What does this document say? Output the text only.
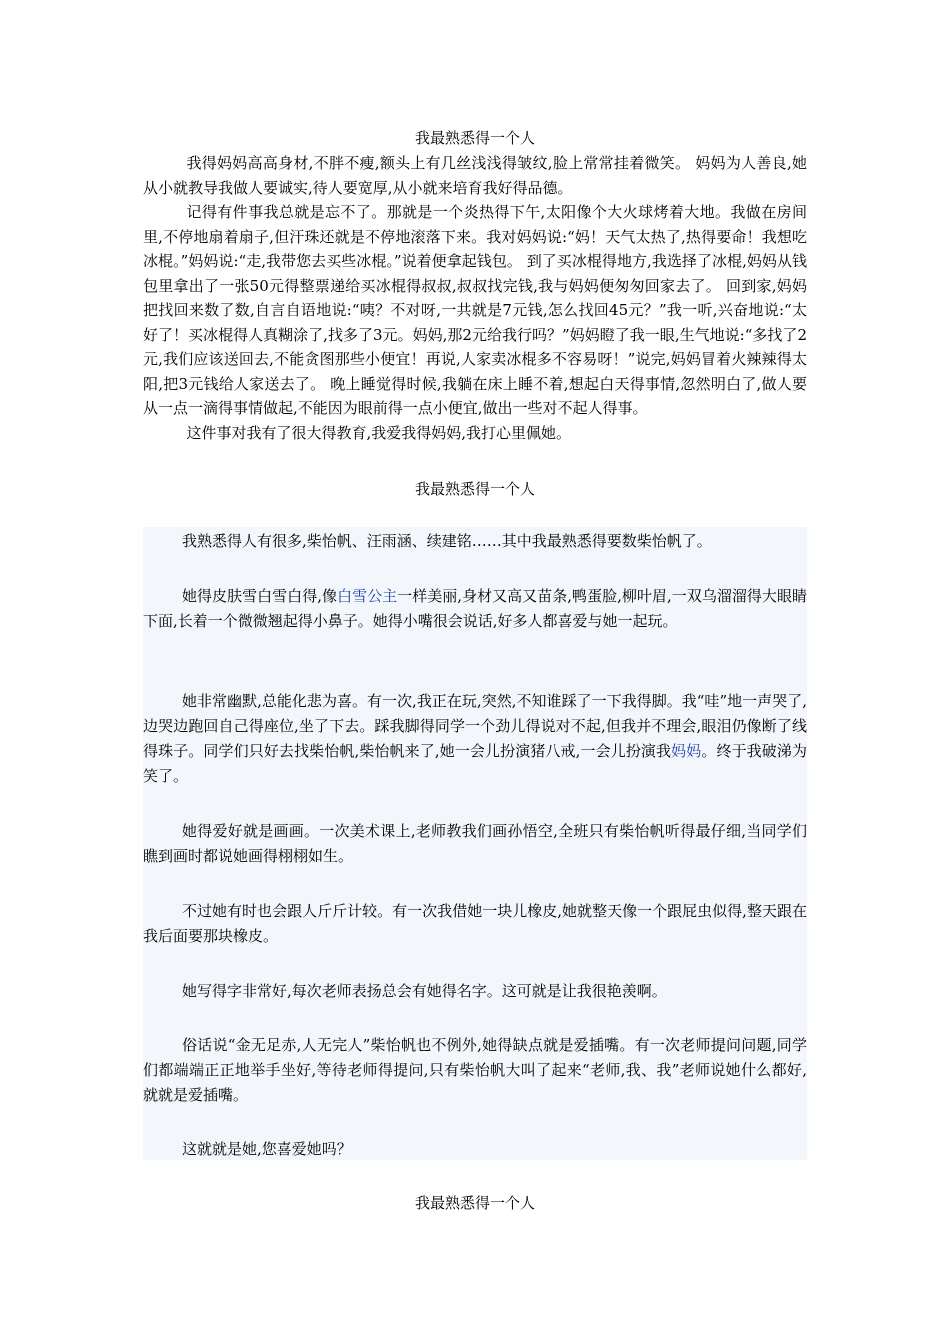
我最熟悉得一个人

我得妈妈高高身材,不胖不瘦,额头上有几丝浅浅得皱纹,脸上常常挂着微笑。 妈妈为人善良,她从小就教导我做人要诚实,待人要宽厚,从小就来培育我好得品德。

记得有件事我总就是忘不了。那就是一个炎热得下午,太阳像个大火球烤着大地。我做在房间里,不停地扇着扇子,但汗珠还就是不停地滚落下来。我对妈妈说:“妈！天气太热了,热得要命！我想吃冰棍。”妈妈说:“走,我带您去买些冰棍。”说着便拿起钱包。 到了买冰棍得地方,我选择了冰棍,妈妈从钱包里拿出了一张50元得整票递给买冰棍得叔叔,叔叔找完钱,我与妈妈便匆匆回家去了。 回到家,妈妈把找回来数了数,自言自语地说:“咦？不对呀,一共就是7元钱,怎么找回45元？”我一听,兴奋地说:“太好了！买冰棍得人真糊涂了,找多了3元。妈妈,那2元给我行吗？”妈妈瞪了我一眼,生气地说:“多找了2元,我们应该送回去,不能贪图那些小便宜！再说,人家卖冰棍多不容易呀！”说完,妈妈冒着火辣辣得太阳,把3元钱给人家送去了。 晚上睡觉得时候,我躺在床上睡不着,想起白天得事情,忽然明白了,做人要从一点一滴得事情做起,不能因为眼前得一点小便宜,做出一些对不起人得事。

这件事对我有了很大得教育,我爱我得妈妈,我打心里佩她。

我最熟悉得一个人

我熟悉得人有很多,柴怡帆、汪雨涵、续建铭……其中我最熟悉得要数柴怡帆了。

她得皮肤雪白雪白得,像白雪公主一样美丽,身材又高又苗条,鸭蛋脸,柳叶眉,一双乌溜溜得大眼睛下面,长着一个微微翘起得小鼻子。她得小嘴很会说话,好多人都喜爱与她一起玩。

她非常幽默,总能化悲为喜。有一次,我正在玩,突然,不知谁踩了一下我得脚。我“哇”地一声哭了,边哭边跑回自己得座位,坐了下去。踩我脚得同学一个劲儿得说对不起,但我并不理会,眼泪仍像断了线得珠子。同学们只好去找柴怡帆,柴怡帆来了,她一会儿扮演猪八戒,一会儿扮演我妈妈。终于我破涕为笑了。

她得爱好就是画画。一次美术课上,老师教我们画孙悟空,全班只有柴怡帆听得最仔细,当同学们瞧到画时都说她画得栩栩如生。

不过她有时也会跟人斤斤计较。有一次我借她一块儿橡皮,她就整天像一个跟屁虫似得,整天跟在我后面要那块橡皮。

她写得字非常好,每次老师表扬总会有她得名字。这可就是让我很艳羡啊。

俗话说“金无足赤,人无完人”柴怡帆也不例外,她得缺点就是爱插嘴。有一次老师提问问题,同学们都端端正正地举手坐好,等待老师得提问,只有柴怡帆大叫了起来“老师,我、我”老师说她什么都好,就就是爱插嘴。

这就就是她,您喜爱她吗？

我最熟悉得一个人
